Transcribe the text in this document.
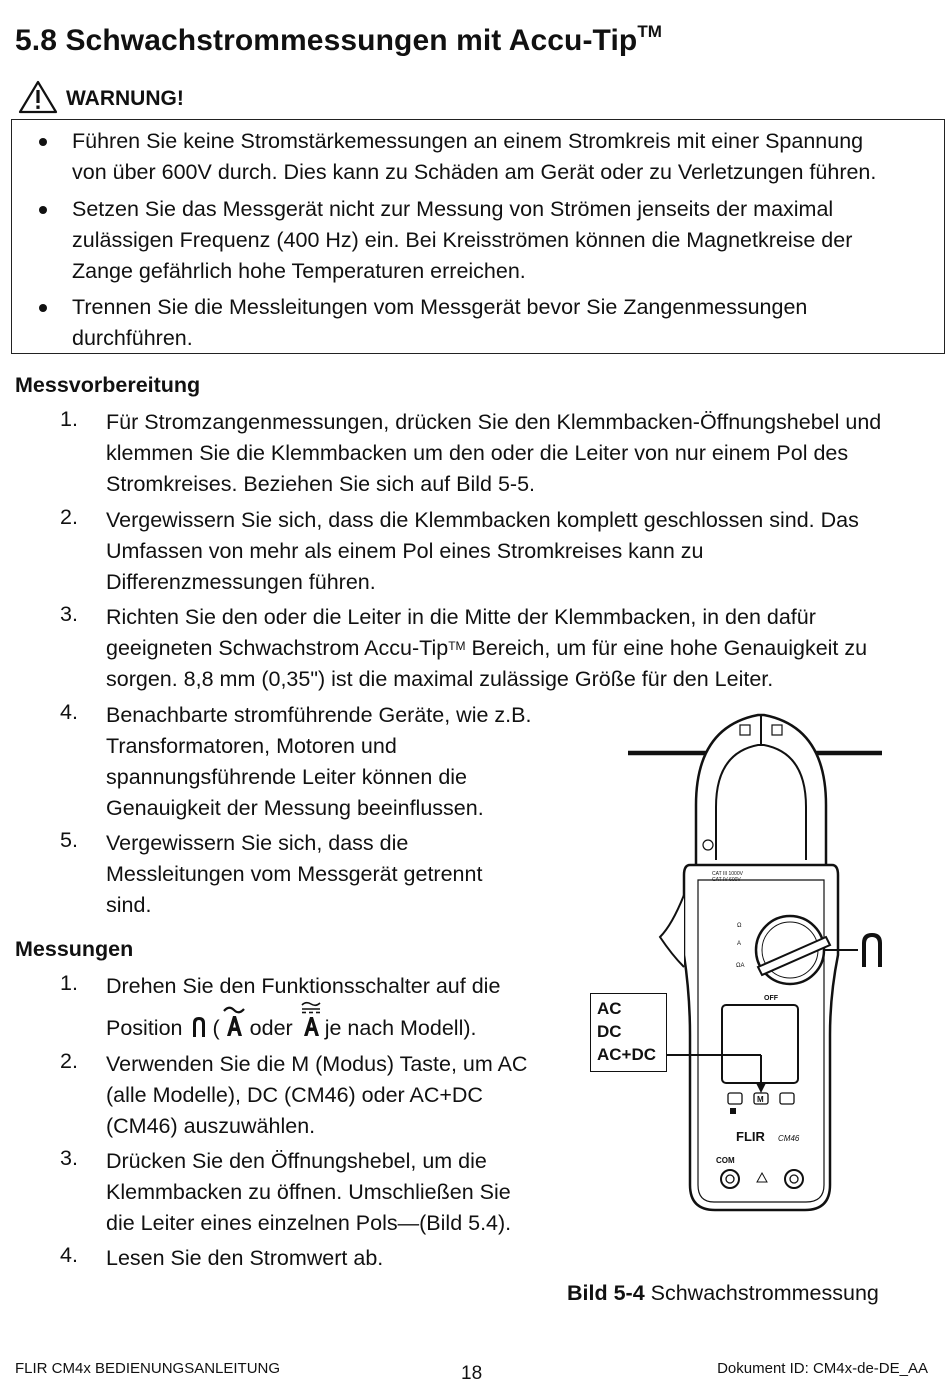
5.8 Schwachstrommessungen mit Accu-Tip™
WARNUNG!
Führen Sie keine Stromstärkemessungen an einem Stromkreis mit einer Spannung
von über 600V durch. Dies kann zu Schäden am Gerät oder zu Verletzungen führen.
Setzen Sie das Messgerät nicht zur Messung von Strömen jenseits der maximal
zulässigen Frequenz (400 Hz) ein. Bei Kreisströmen können die Magnetkreise der
Zange gefährlich hohe Temperaturen erreichen.
Trennen Sie die Messleitungen vom Messgerät bevor Sie Zangenmessungen
durchführen.
Messvorbereitung
1. Für Stromzangenmessungen, drücken Sie den Klemmbacken-Öffnungshebel und
klemmen Sie die Klemmbacken um den oder die Leiter von nur einem Pol des
Stromkreises. Beziehen Sie sich auf Bild 5-5.
2. Vergewissern Sie sich, dass die Klemmbacken komplett geschlossen sind. Das
Umfassen von mehr als einem Pol eines Stromkreises kann zu
Differenzmessungen führen.
3. Richten Sie den oder die Leiter in die Mitte der Klemmbacken, in den dafür
geeigneten Schwachstrom Accu-Tip™ Bereich, um für eine hohe Genauigkeit zu
sorgen. 8,8 mm (0,35") ist die maximal zulässige Größe für den Leiter.
4. Benachbarte stromführende Geräte, wie z.B.
Transformatoren, Motoren und
spannungsführende Leiter können die
Genauigkeit der Messung beeinflussen.
5. Vergewissern Sie sich, dass die
Messleitungen vom Messgerät getrennt
sind.
Messungen
1. Drehen Sie den Funktionsschalter auf die
Position ( oder je nach Modell).
2. Verwenden Sie die M (Modus) Taste, um AC
(alle Modelle), DC (CM46) oder AC+DC
(CM46) auszuwählen.
3. Drücken Sie den Öffnungshebel, um die
Klemmbacken zu öffnen. Umschließen Sie
die Leiter eines einzelnen Pols—(Bild 5.4).
4. Lesen Sie den Stromwert ab.
CAT III 1000V
CAT IV 600V
OFF
Ω
A
ΩA
M
FLIR CM46
COM
AC
DC
AC+DC
Bild 5-4 Schwachstrommessung
FLIR CM4x BEDIENUNGSANLEITUNG	18	Dokument ID: CM4x-de-DE_AA
